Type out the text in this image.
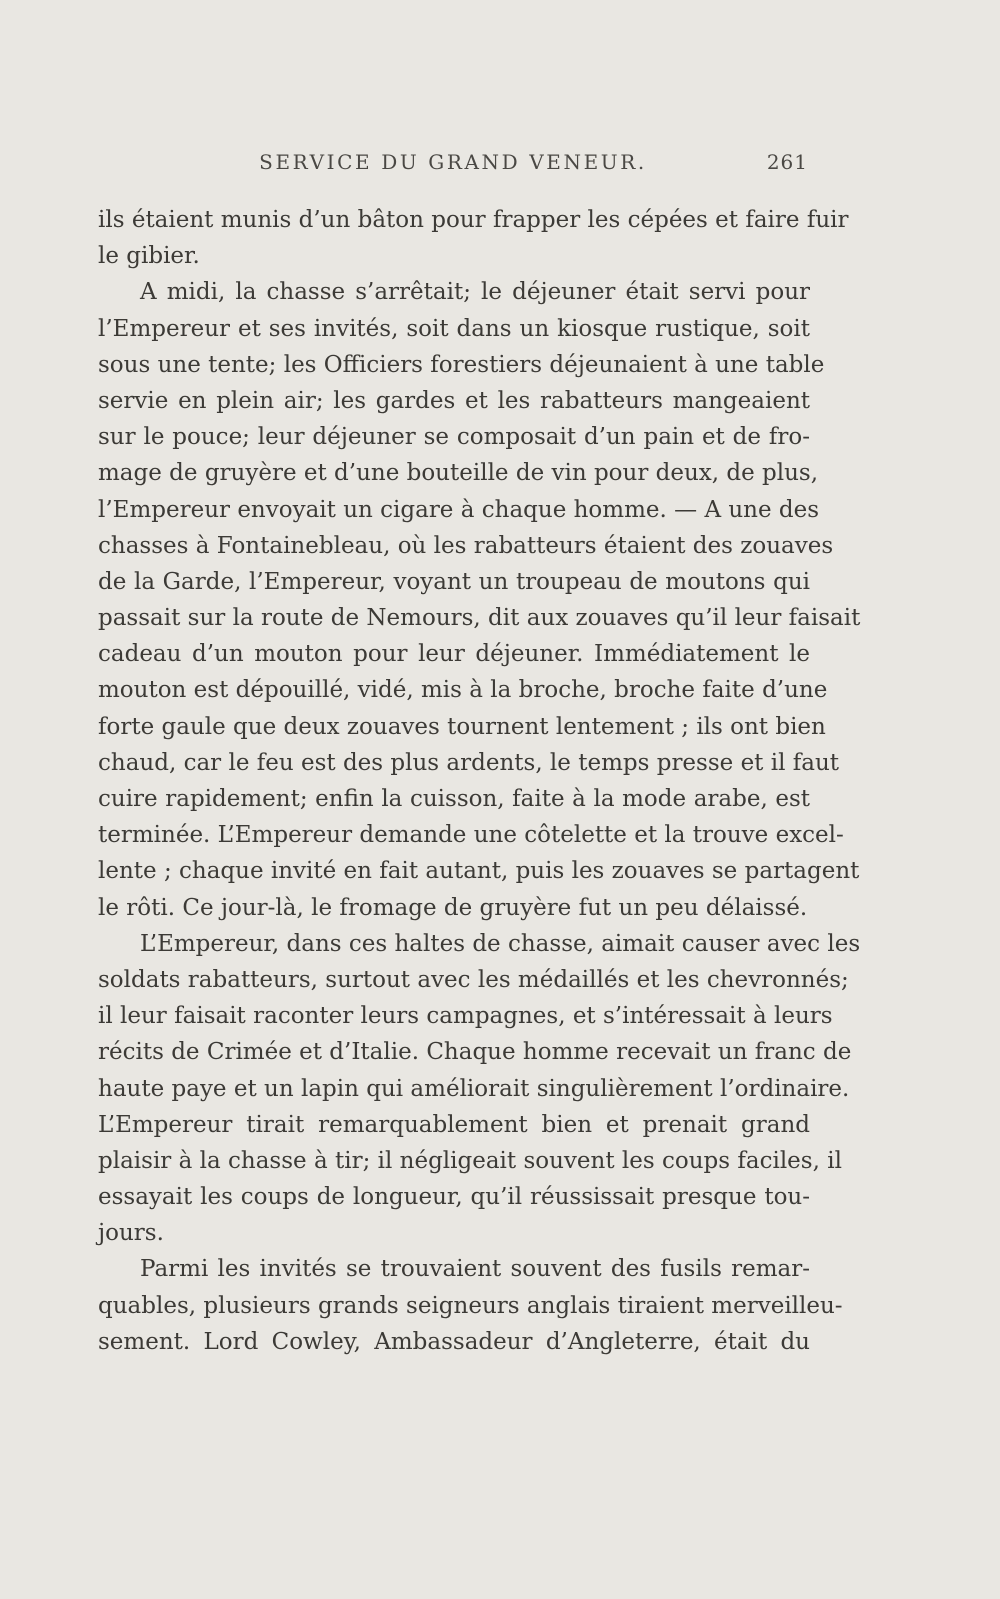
SERVICE DU GRAND VENEUR.	261
ils étaient munis d’un bâton pour frapper les cépées et faire fuir
le gibier.
A midi, la chasse s’arrêtait; le déjeuner était servi pour
l’Empereur et ses invités, soit dans un kiosque rustique, soit
sous une tente; les Officiers forestiers déjeunaient à une table
servie en plein air; les gardes et les rabatteurs mangeaient
sur le pouce; leur déjeuner se composait d’un pain et de fro-
mage de gruyère et d’une bouteille de vin pour deux, de plus,
l’Empereur envoyait un cigare à chaque homme. — A une des
chasses à Fontainebleau, où les rabatteurs étaient des zouaves
de la Garde, l’Empereur, voyant un troupeau de moutons qui
passait sur la route de Nemours, dit aux zouaves qu’il leur faisait
cadeau d’un mouton pour leur déjeuner. Immédiatement le
mouton est dépouillé, vidé, mis à la broche, broche faite d’une
forte gaule que deux zouaves tournent lentement ; ils ont bien
chaud, car le feu est des plus ardents, le temps presse et il faut
cuire rapidement; enfin la cuisson, faite à la mode arabe, est
terminée. L’Empereur demande une côtelette et la trouve excel-
lente ; chaque invité en fait autant, puis les zouaves se partagent
le rôti. Ce jour-là, le fromage de gruyère fut un peu délaissé.
L’Empereur, dans ces haltes de chasse, aimait causer avec les
soldats rabatteurs, surtout avec les médaillés et les chevronnés;
il leur faisait raconter leurs campagnes, et s’intéressait à leurs
récits de Crimée et d’Italie. Chaque homme recevait un franc de
haute paye et un lapin qui améliorait singulièrement l’ordinaire.
L’Empereur tirait remarquablement bien et prenait grand
plaisir à la chasse à tir; il négligeait souvent les coups faciles, il
essayait les coups de longueur, qu’il réussissait presque tou-
jours.
Parmi les invités se trouvaient souvent des fusils remar-
quables, plusieurs grands seigneurs anglais tiraient merveilleu-
sement. Lord Cowley, Ambassadeur d’Angleterre, était du
